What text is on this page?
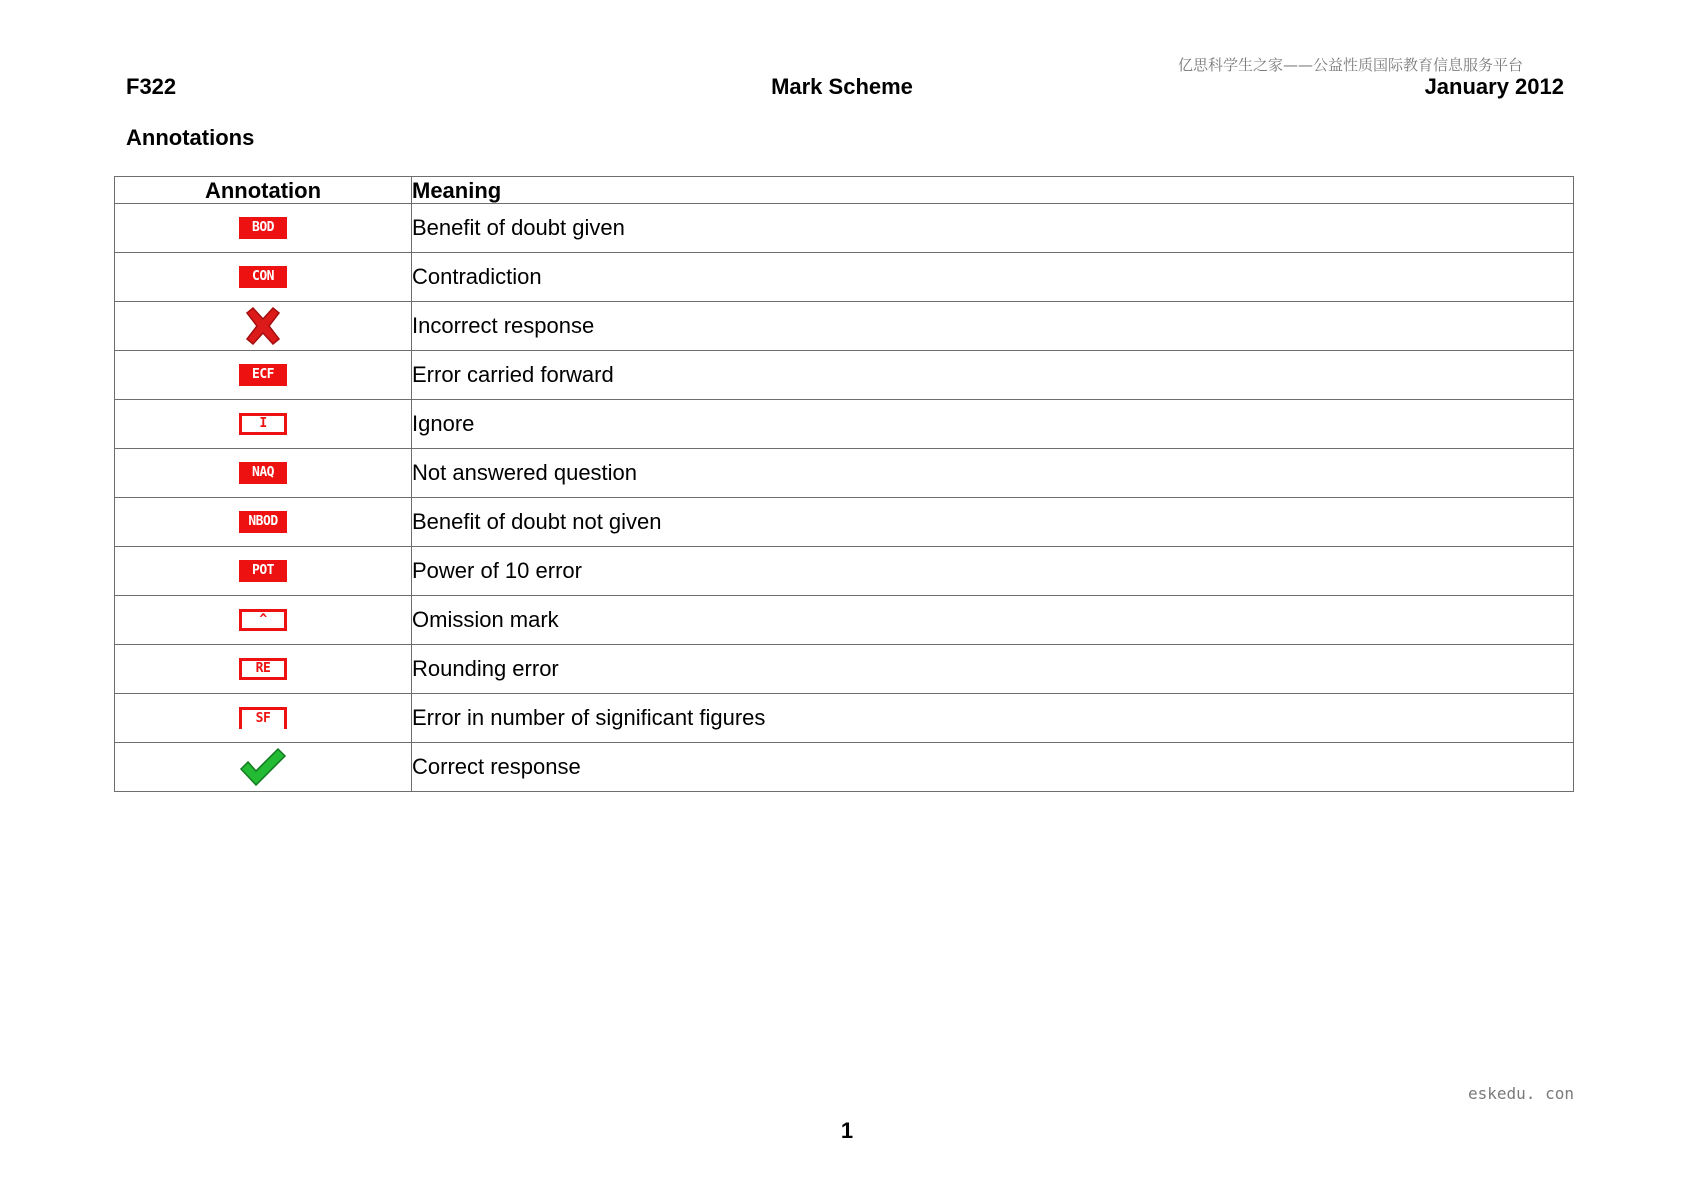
亿思科学生之家——公益性质国际教育信息服务平台
F322	Mark Scheme	January 2012
Annotations
Annotation	Meaning
BOD	Benefit of doubt given
CON	Contradiction
	Incorrect response
ECF	Error carried forward
I	Ignore
NAQ	Not answered question
NBOD	Benefit of doubt not given
POT	Power of 10 error
^	Omission mark
RE	Rounding error
SF	Error in number of significant figures
	Correct response
eskedu. con
1
